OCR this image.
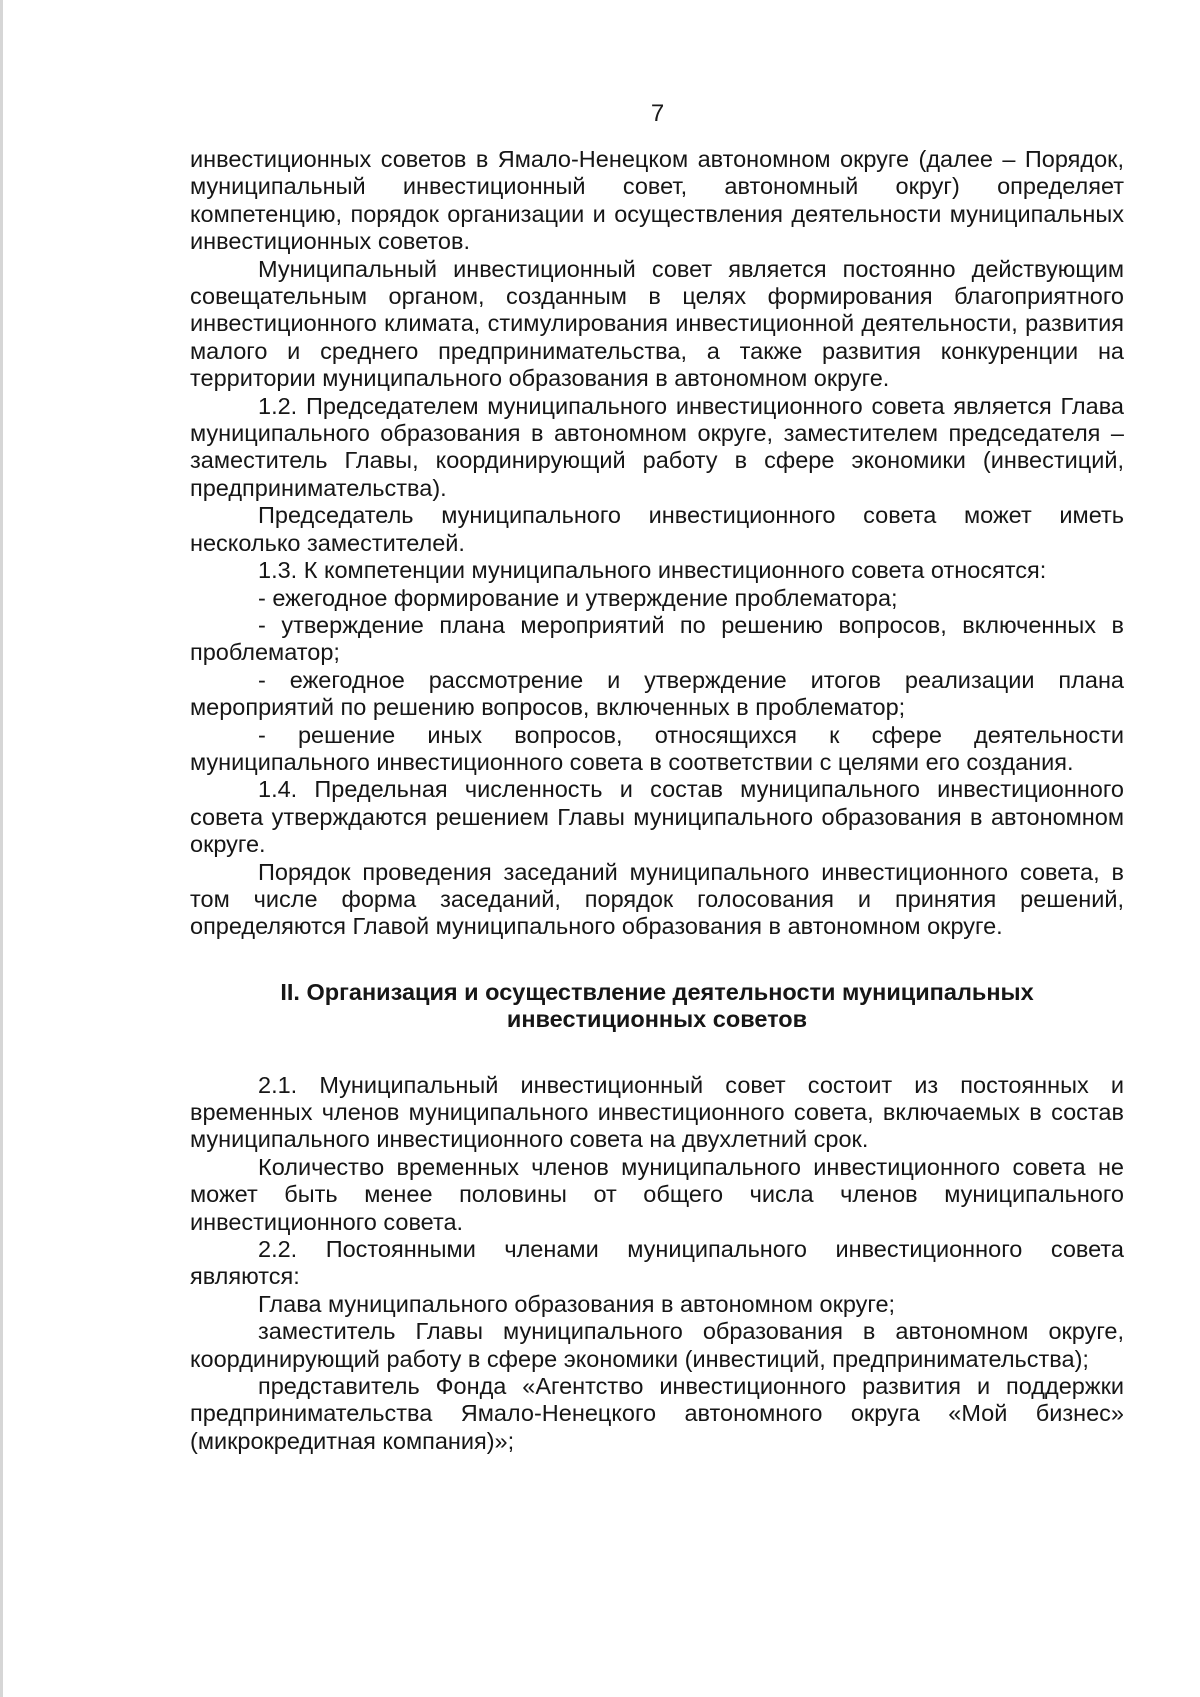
7

инвестиционных советов в Ямало-Ненецком автономном округе (далее – Порядок, муниципальный инвестиционный совет, автономный округ) определяет компетенцию, порядок организации и осуществления деятельности муниципальных инвестиционных советов.

Муниципальный инвестиционный совет является постоянно действующим совещательным органом, созданным в целях формирования благоприятного инвестиционного климата, стимулирования инвестиционной деятельности, развития малого и среднего предпринимательства, а также развития конкуренции на территории муниципального образования в автономном округе.

1.2. Председателем муниципального инвестиционного совета является Глава муниципального образования в автономном округе, заместителем председателя – заместитель Главы, координирующий работу в сфере экономики (инвестиций, предпринимательства).

Председатель муниципального инвестиционного совета может иметь несколько заместителей.

1.3. К компетенции муниципального инвестиционного совета относятся:

- ежегодное формирование и утверждение проблематора;

- утверждение плана мероприятий по решению вопросов, включенных в проблематор;

- ежегодное рассмотрение и утверждение итогов реализации плана мероприятий по решению вопросов, включенных в проблематор;

- решение иных вопросов, относящихся к сфере деятельности муниципального инвестиционного совета в соответствии с целями его создания.

1.4. Предельная численность и состав муниципального инвестиционного совета утверждаются решением Главы муниципального образования в автономном округе.

Порядок проведения заседаний муниципального инвестиционного совета, в том числе форма заседаний, порядок голосования и принятия решений, определяются Главой муниципального образования в автономном округе.

II. Организация и осуществление деятельности муниципальных инвестиционных советов

2.1. Муниципальный инвестиционный совет состоит из постоянных и временных членов муниципального инвестиционного совета, включаемых в состав муниципального инвестиционного совета на двухлетний срок.

Количество временных членов муниципального инвестиционного совета не может быть менее половины от общего числа членов муниципального инвестиционного совета.

2.2. Постоянными членами муниципального инвестиционного совета являются:

Глава муниципального образования в автономном округе;

заместитель Главы муниципального образования в автономном округе, координирующий работу в сфере экономики (инвестиций, предпринимательства);

представитель Фонда «Агентство инвестиционного развития и поддержки предпринимательства Ямало-Ненецкого автономного округа «Мой бизнес» (микрокредитная компания)»;
